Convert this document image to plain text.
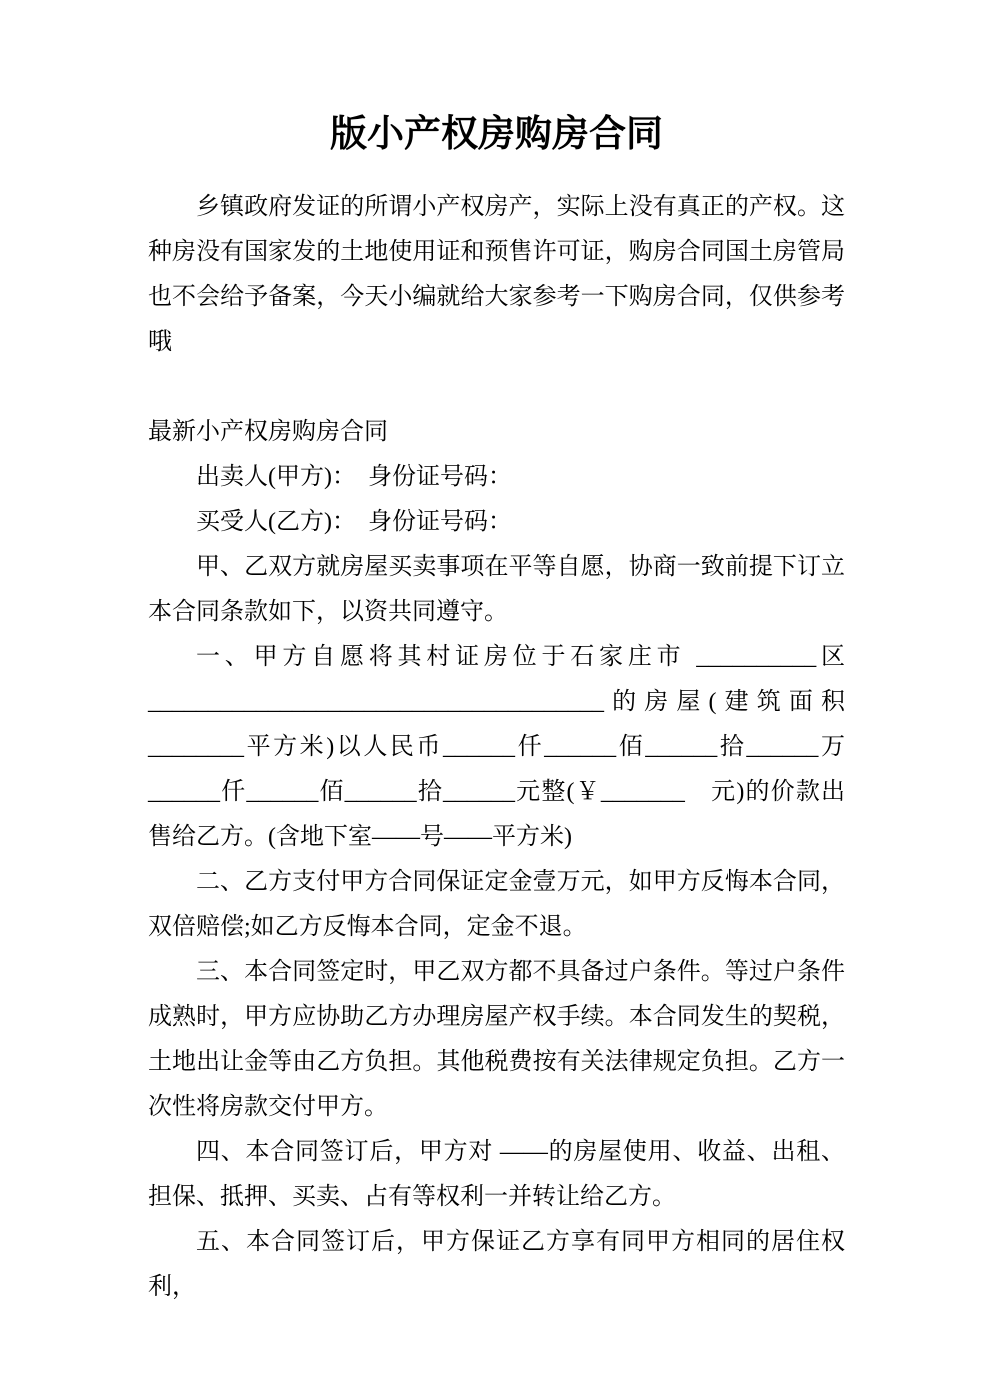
版小产权房购房合同

乡镇政府发证的所谓小产权房产，实际上没有真正的产权。这种房没有国家发的土地使用证和预售许可证，购房合同国土房管局也不会给予备案，今天小编就给大家参考一下购房合同，仅供参考哦

最新小产权房购房合同

出卖人(甲方)：　身份证号码：

买受人(乙方)：　身份证号码：

甲、乙双方就房屋买卖事项在平等自愿，协商一致前提下订立本合同条款如下，以资共同遵守。

一、甲方自愿将其村证房位于石家庄市 __________区______________________________________的房屋(建筑面积________平方米)以人民币______仟______佰______拾______万______仟______佰______拾______元整(￥_______　元)的价款出售给乙方。(含地下室——号——平方米)

二、乙方支付甲方合同保证定金壹万元，如甲方反悔本合同，双倍赔偿;如乙方反悔本合同，定金不退。

三、本合同签定时，甲乙双方都不具备过户条件。等过户条件成熟时，甲方应协助乙方办理房屋产权手续。本合同发生的契税，土地出让金等由乙方负担。其他税费按有关法律规定负担。乙方一次性将房款交付甲方。

四、本合同签订后，甲方对 ——的房屋使用、收益、出租、担保、抵押、买卖、占有等权利一并转让给乙方。

五、本合同签订后，甲方保证乙方享有同甲方相同的居住权利，
